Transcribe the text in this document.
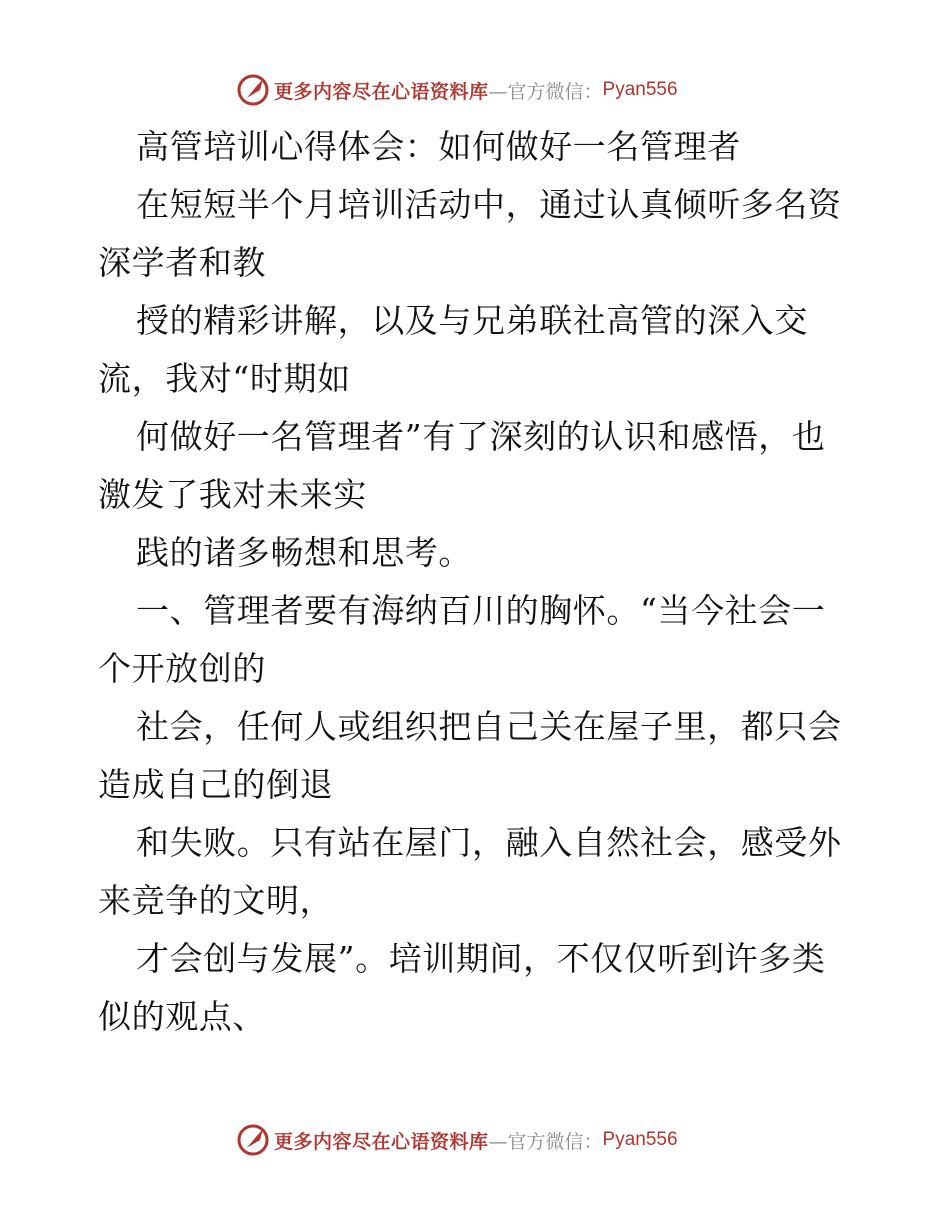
更多内容尽在心语资料库 —官方微信： Pyan556
高管培训心得体会：如何做好一名管理者
在短短半个月培训活动中，通过认真倾听多名资
深学者和教
授的精彩讲解，以及与兄弟联社高管的深入交
流，我对“时期如
何做好一名管理者”有了深刻的认识和感悟，也
激发了我对未来实
践的诸多畅想和思考。
一、管理者要有海纳百川的胸怀。“当今社会一
个开放创的
社会，任何人或组织把自己关在屋子里，都只会
造成自己的倒退
和失败。只有站在屋门，融入自然社会，感受外
来竞争的文明，
才会创与发展”。培训期间，不仅仅听到许多类
似的观点、
更多内容尽在心语资料库 —官方微信： Pyan556
